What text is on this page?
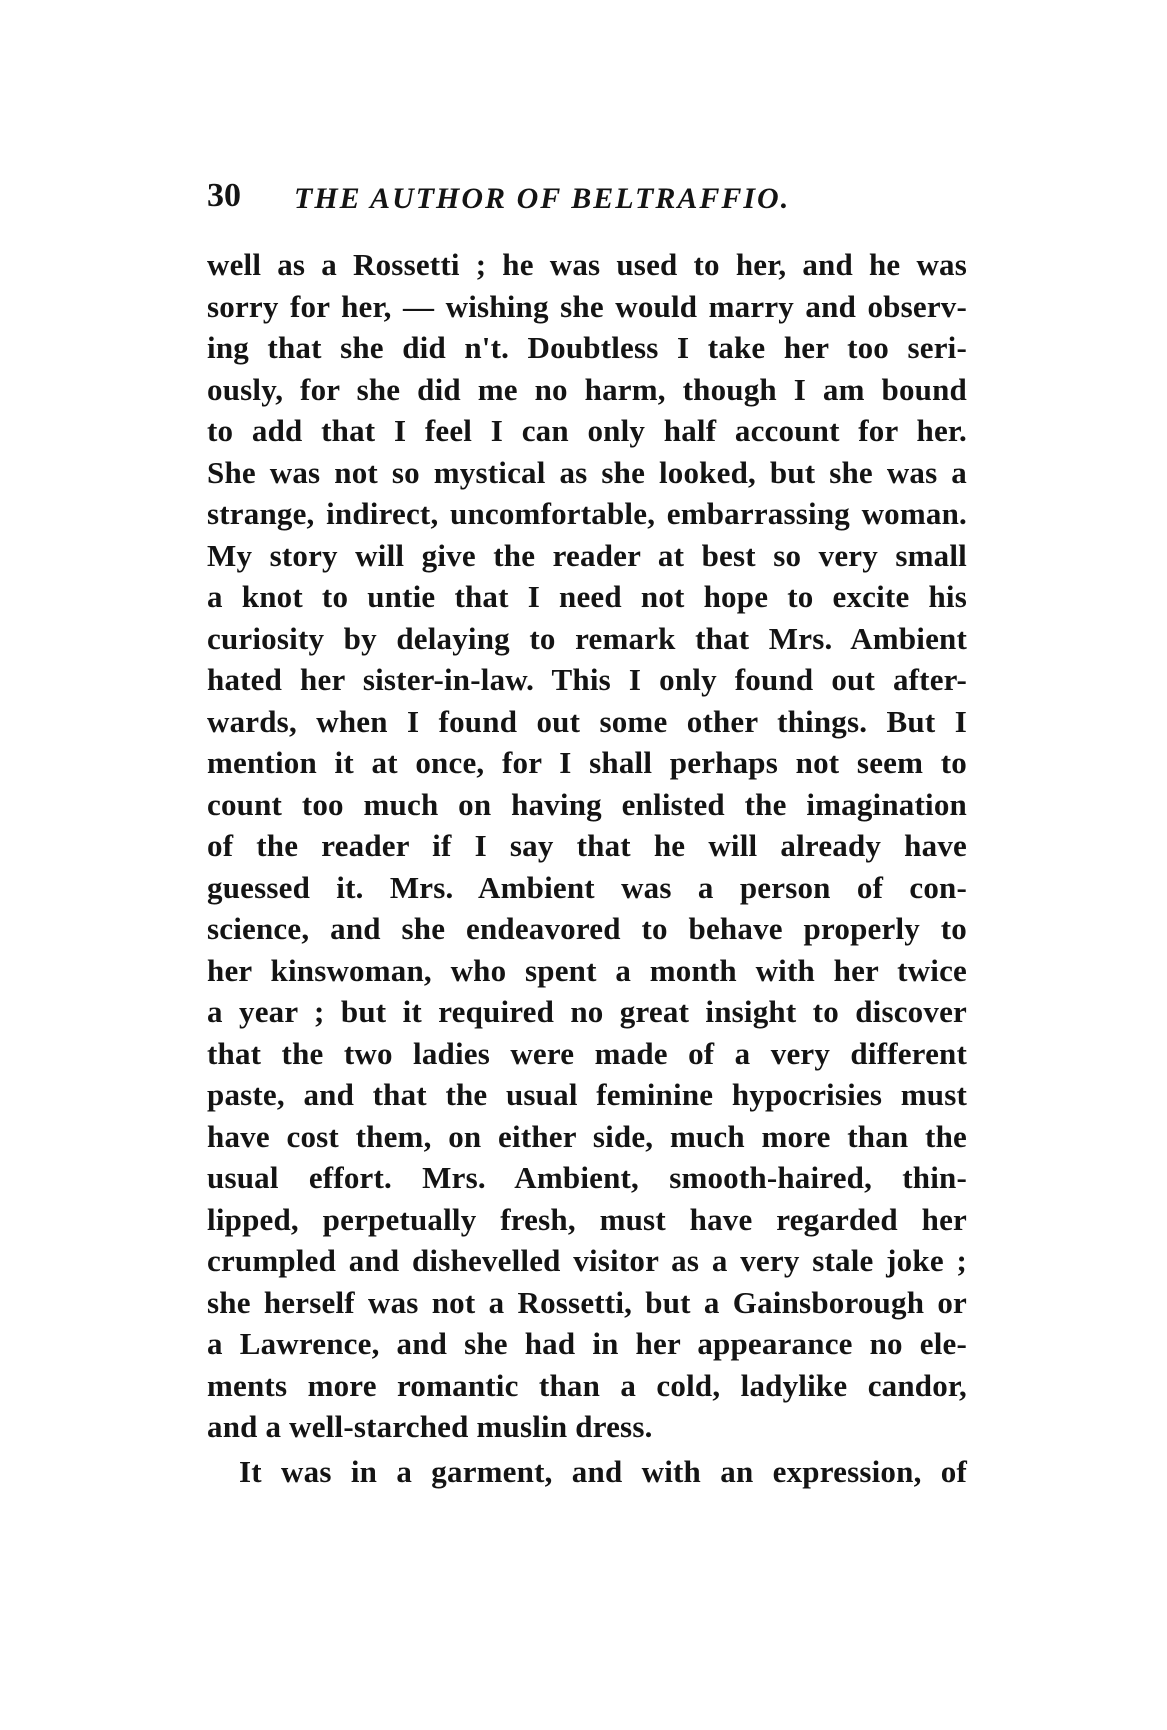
30 THE AUTHOR OF BELTRAFFIO.
well as a Rossetti ; he was used to her, and he was
sorry for her, — wishing she would marry and observ-
ing that she did n't. Doubtless I take her too seri-
ously, for she did me no harm, though I am bound
to add that I feel I can only half account for her.
She was not so mystical as she looked, but she was a
strange, indirect, uncomfortable, embarrassing woman.
My story will give the reader at best so very small
a knot to untie that I need not hope to excite his
curiosity by delaying to remark that Mrs. Ambient
hated her sister-in-law. This I only found out after-
wards, when I found out some other things. But I
mention it at once, for I shall perhaps not seem to
count too much on having enlisted the imagination
of the reader if I say that he will already have
guessed it. Mrs. Ambient was a person of con-
science, and she endeavored to behave properly to
her kinswoman, who spent a month with her twice
a year ; but it required no great insight to discover
that the two ladies were made of a very different
paste, and that the usual feminine hypocrisies must
have cost them, on either side, much more than the
usual effort. Mrs. Ambient, smooth-haired, thin-
lipped, perpetually fresh, must have regarded her
crumpled and dishevelled visitor as a very stale joke ;
she herself was not a Rossetti, but a Gainsborough or
a Lawrence, and she had in her appearance no ele-
ments more romantic than a cold, ladylike candor,
and a well-starched muslin dress.
It was in a garment, and with an expression, of
